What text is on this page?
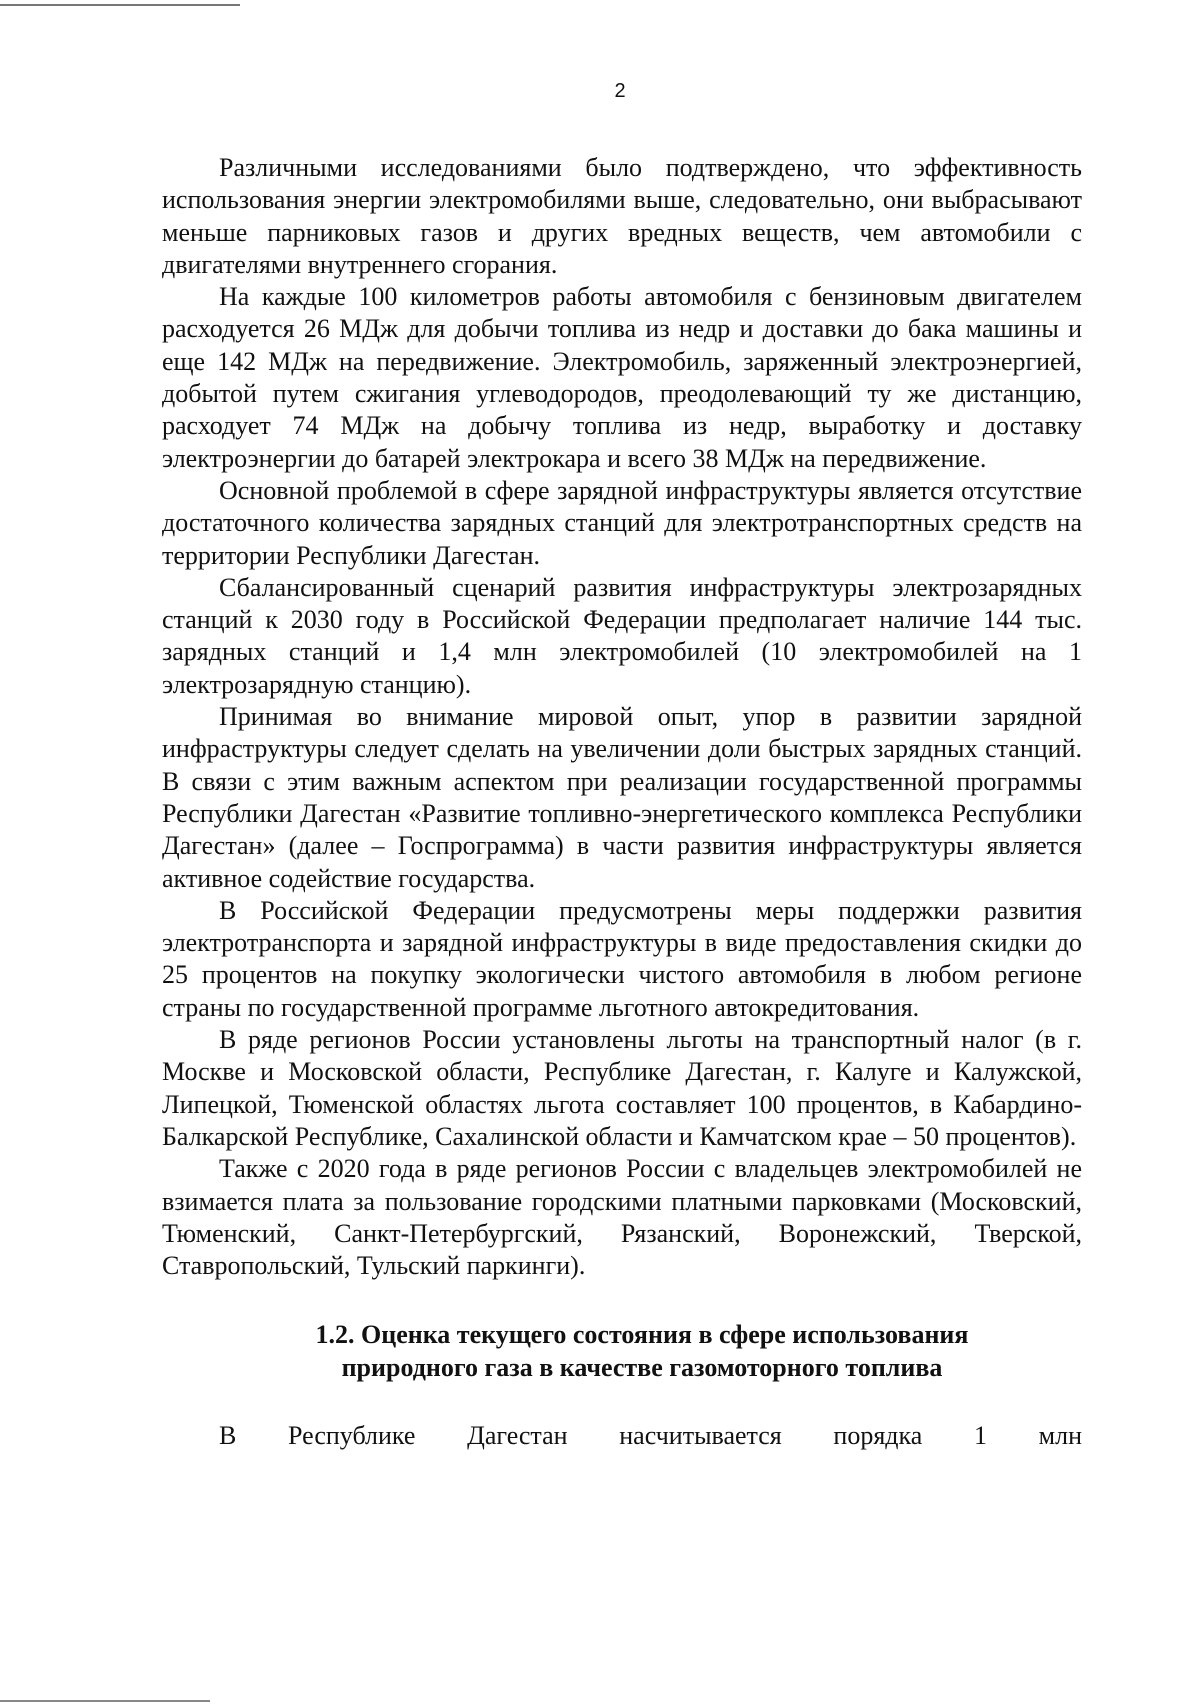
2

Различными исследованиями было подтверждено, что эффективность использования энергии электромобилями выше, следовательно, они выбрасывают меньше парниковых газов и других вредных веществ, чем автомобили с двигателями внутреннего сгорания.

На каждые 100 километров работы автомобиля с бензиновым двигателем расходуется 26 МДж для добычи топлива из недр и доставки до бака машины и еще 142 МДж на передвижение. Электромобиль, заряженный электроэнергией, добытой путем сжигания углеводородов, преодолевающий ту же дистанцию, расходует 74 МДж на добычу топлива из недр, выработку и доставку электроэнергии до батарей электрокара и всего 38 МДж на передвижение.

Основной проблемой в сфере зарядной инфраструктуры является отсутствие достаточного количества зарядных станций для электротранспортных средств на территории Республики Дагестан.

Сбалансированный сценарий развития инфраструктуры электрозарядных станций к 2030 году в Российской Федерации предполагает наличие 144 тыс. зарядных станций и 1,4 млн электромобилей (10 электромобилей на 1 электрозарядную станцию).

Принимая во внимание мировой опыт, упор в развитии зарядной инфраструктуры следует сделать на увеличении доли быстрых зарядных станций. В связи с этим важным аспектом при реализации государственной программы Республики Дагестан «Развитие топливно-энергетического комплекса Республики Дагестан» (далее – Госпрограмма) в части развития инфраструктуры является активное содействие государства.

В Российской Федерации предусмотрены меры поддержки развития электротранспорта и зарядной инфраструктуры в виде предоставления скидки до 25 процентов на покупку экологически чистого автомобиля в любом регионе страны по государственной программе льготного автокредитования.

В ряде регионов России установлены льготы на транспортный налог (в г. Москве и Московской области, Республике Дагестан, г. Калуге и Калужской, Липецкой, Тюменской областях льгота составляет 100 процентов, в Кабардино-Балкарской Республике, Сахалинской области и Камчатском крае – 50 процентов).

Также с 2020 года в ряде регионов России с владельцев электромобилей не взимается плата за пользование городскими платными парковками (Московский, Тюменский, Санкт-Петербургский, Рязанский, Воронежский, Тверской, Ставропольский, Тульский паркинги).

1.2. Оценка текущего состояния в сфере использования
природного газа в качестве газомоторного топлива

В Республике Дагестан насчитывается порядка 1 млн
